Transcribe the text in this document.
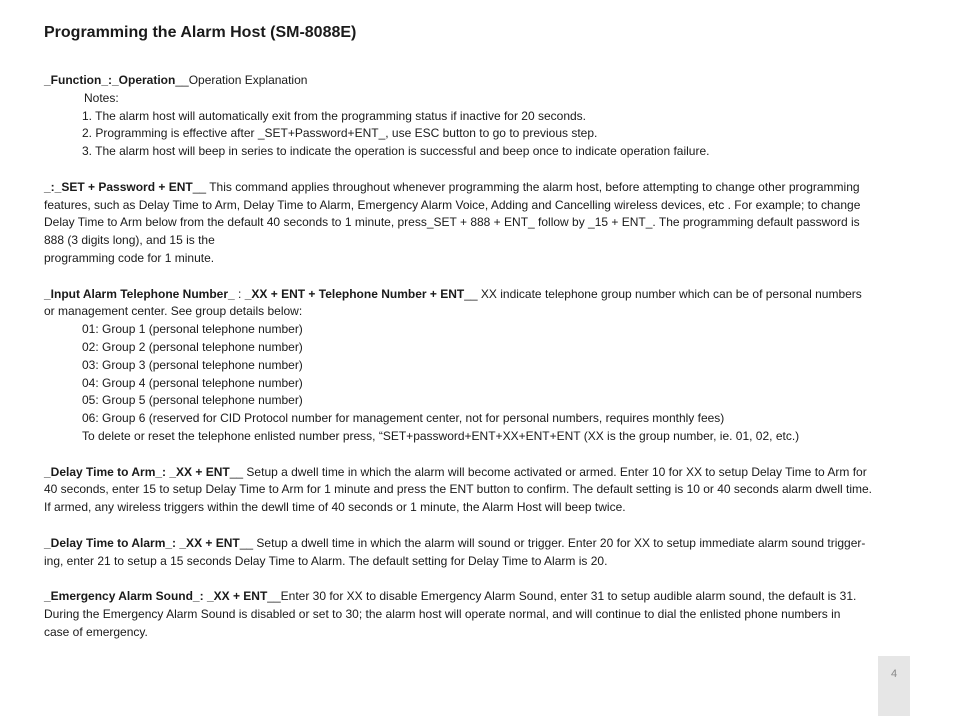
Programming the Alarm Host (SM-8088E)
_Function_:_Operation__Operation Explanation
Notes:
1. The alarm host will automatically exit from the programming status if inactive for 20 seconds.
2. Programming is effective after _SET+Password+ENT_, use ESC button to go to previous step.
3. The alarm host will beep in series to indicate the operation is successful and beep once to indicate operation failure.
_:_SET + Password + ENT__ This command applies throughout whenever programming the alarm host, before attempting to change other programming
features, such as Delay Time to Arm, Delay Time to Alarm, Emergency Alarm Voice, Adding and Cancelling wireless devices, etc . For example; to change
Delay Time to Arm below from the default 40 seconds to 1 minute, press_SET + 888 + ENT_ follow by _15 + ENT_. The programming default password is
888 (3 digits long), and 15 is the
programming code for 1 minute.
_Input Alarm Telephone Number_ : _XX + ENT + Telephone Number + ENT__ XX indicate telephone group number which can be of personal numbers
or management center. See group details below:
01: Group 1 (personal telephone number)
02: Group 2 (personal telephone number)
03: Group 3 (personal telephone number)
04: Group 4 (personal telephone number)
05: Group 5 (personal telephone number)
06: Group 6 (reserved for CID Protocol number for management center, not for personal numbers, requires monthly fees)
To delete or reset the telephone enlisted number press, “SET+password+ENT+XX+ENT+ENT (XX is the group number, ie. 01, 02, etc.)
_Delay Time to Arm_: _XX + ENT__ Setup a dwell time in which the alarm will become activated or armed. Enter 10 for XX to setup Delay Time to Arm for
40 seconds, enter 15 to setup Delay Time to Arm for 1 minute and press the ENT button to confirm. The default setting is 10 or 40 seconds alarm dwell time.
If armed, any wireless triggers within the dewll time of 40 seconds or 1 minute, the Alarm Host will beep twice.
_Delay Time to Alarm_: _XX + ENT__ Setup a dwell time in which the alarm will sound or trigger. Enter 20 for XX to setup immediate alarm sound trigger-
ing, enter 21 to setup a 15 seconds Delay Time to Alarm. The default setting for Delay Time to Alarm is 20.
_Emergency Alarm Sound_: _XX + ENT__Enter 30 for XX to disable Emergency Alarm Sound, enter 31 to setup audible alarm sound, the default is 31.
During the Emergency Alarm Sound is disabled or set to 30; the alarm host will operate normal, and will continue to dial the enlisted phone numbers in
case of emergency.
4
